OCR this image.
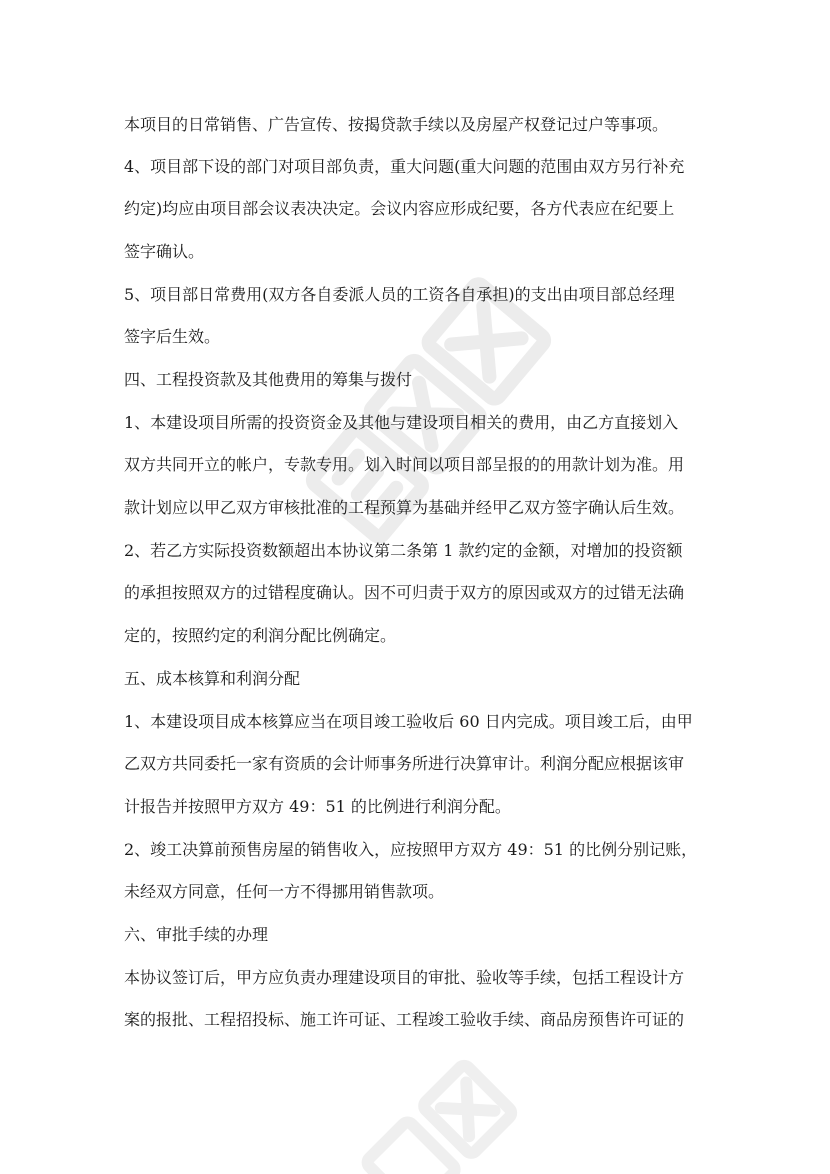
本项目的日常销售、广告宣传、按揭贷款手续以及房屋产权登记过户等事项。
4、项目部下设的部门对项目部负责，重大问题(重大问题的范围由双方另行补充
约定)均应由项目部会议表决决定。会议内容应形成纪要，各方代表应在纪要上
签字确认。
5、项目部日常费用(双方各自委派人员的工资各自承担)的支出由项目部总经理
签字后生效。
四、工程投资款及其他费用的筹集与拨付
1、本建设项目所需的投资资金及其他与建设项目相关的费用，由乙方直接划入
双方共同开立的帐户，专款专用。划入时间以项目部呈报的的用款计划为准。用
款计划应以甲乙双方审核批准的工程预算为基础并经甲乙双方签字确认后生效。
2、若乙方实际投资数额超出本协议第二条第 1 款约定的金额，对增加的投资额
的承担按照双方的过错程度确认。因不可归责于双方的原因或双方的过错无法确
定的，按照约定的利润分配比例确定。
五、成本核算和利润分配
1、本建设项目成本核算应当在项目竣工验收后 60 日内完成。项目竣工后，由甲
乙双方共同委托一家有资质的会计师事务所进行决算审计。利润分配应根据该审
计报告并按照甲方双方 49：51 的比例进行利润分配。
2、竣工决算前预售房屋的销售收入，应按照甲方双方 49：51 的比例分别记账，
未经双方同意，任何一方不得挪用销售款项。
六、审批手续的办理
本协议签订后，甲方应负责办理建设项目的审批、验收等手续，包括工程设计方
案的报批、工程招投标、施工许可证、工程竣工验收手续、商品房预售许可证的
